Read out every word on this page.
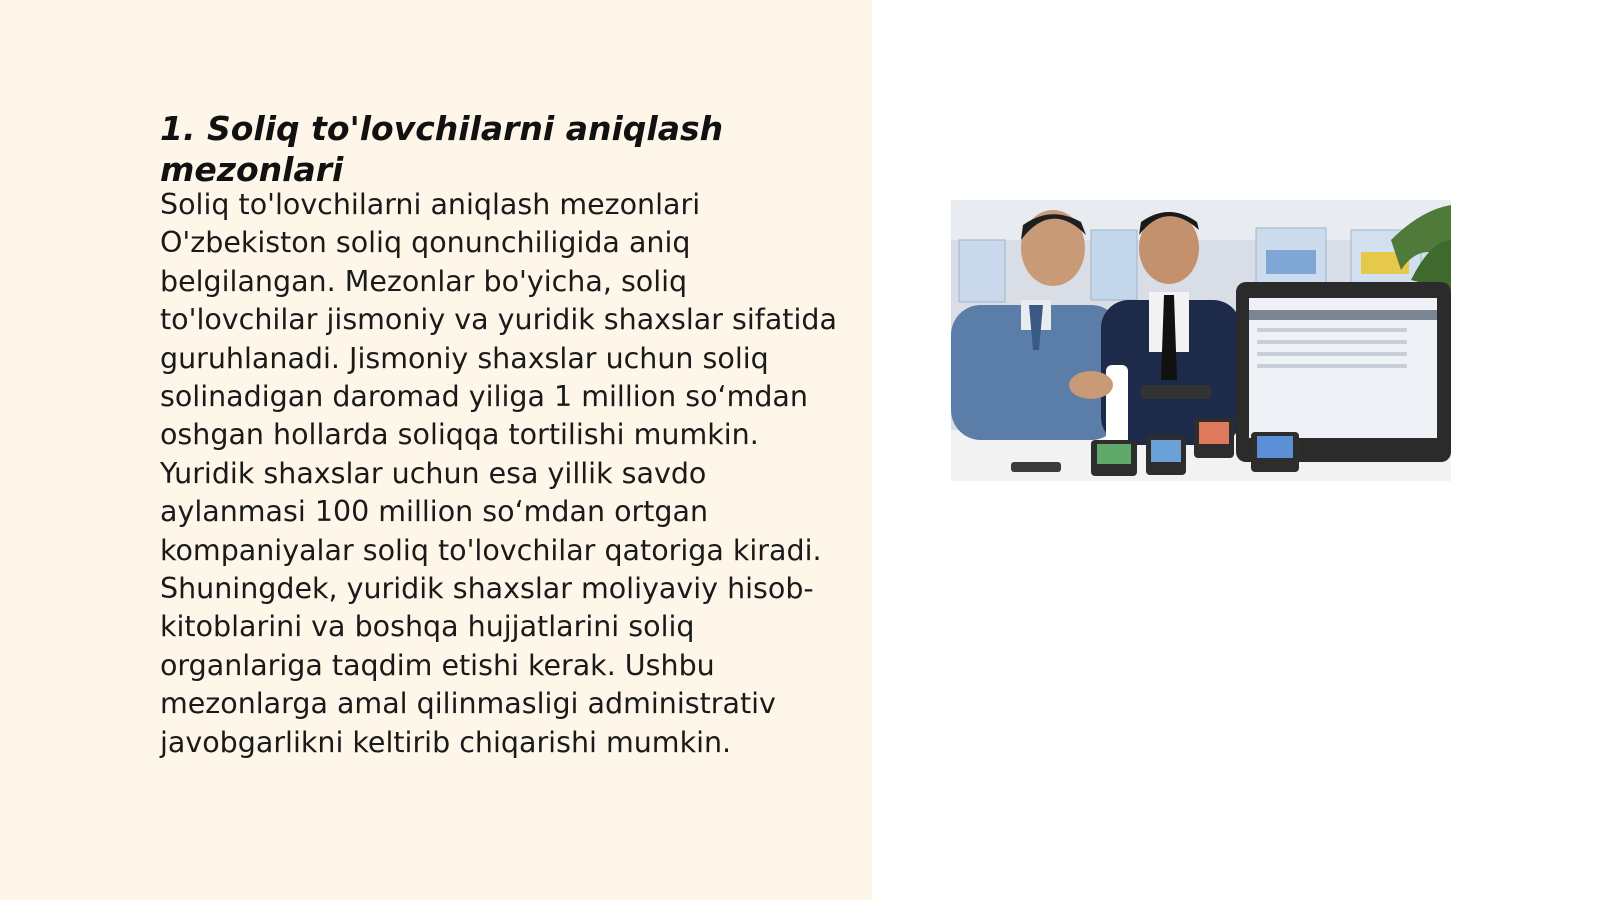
1. Soliq to'lovchilarni aniqlash mezonlari

Soliq to'lovchilarni aniqlash mezonlari O'zbekiston soliq qonunchiligida aniq belgilangan. Mezonlar bo'yicha, soliq to'lovchilar jismoniy va yuridik shaxslar sifatida guruhlanadi. Jismoniy shaxslar uchun soliq solinadigan daromad yiliga 1 million so‘mdan oshgan hollarda soliqqa tortilishi mumkin. Yuridik shaxslar uchun esa yillik savdo aylanmasi 100 million so‘mdan ortgan kompaniyalar soliq to'lovchilar qatoriga kiradi. Shuningdek, yuridik shaxslar moliyaviy hisob-kitoblarini va boshqa hujjatlarini soliq organlariga taqdim etishi kerak. Ushbu mezonlarga amal qilinmasligi administrativ javobgarlikni keltirib chiqarishi mumkin.
